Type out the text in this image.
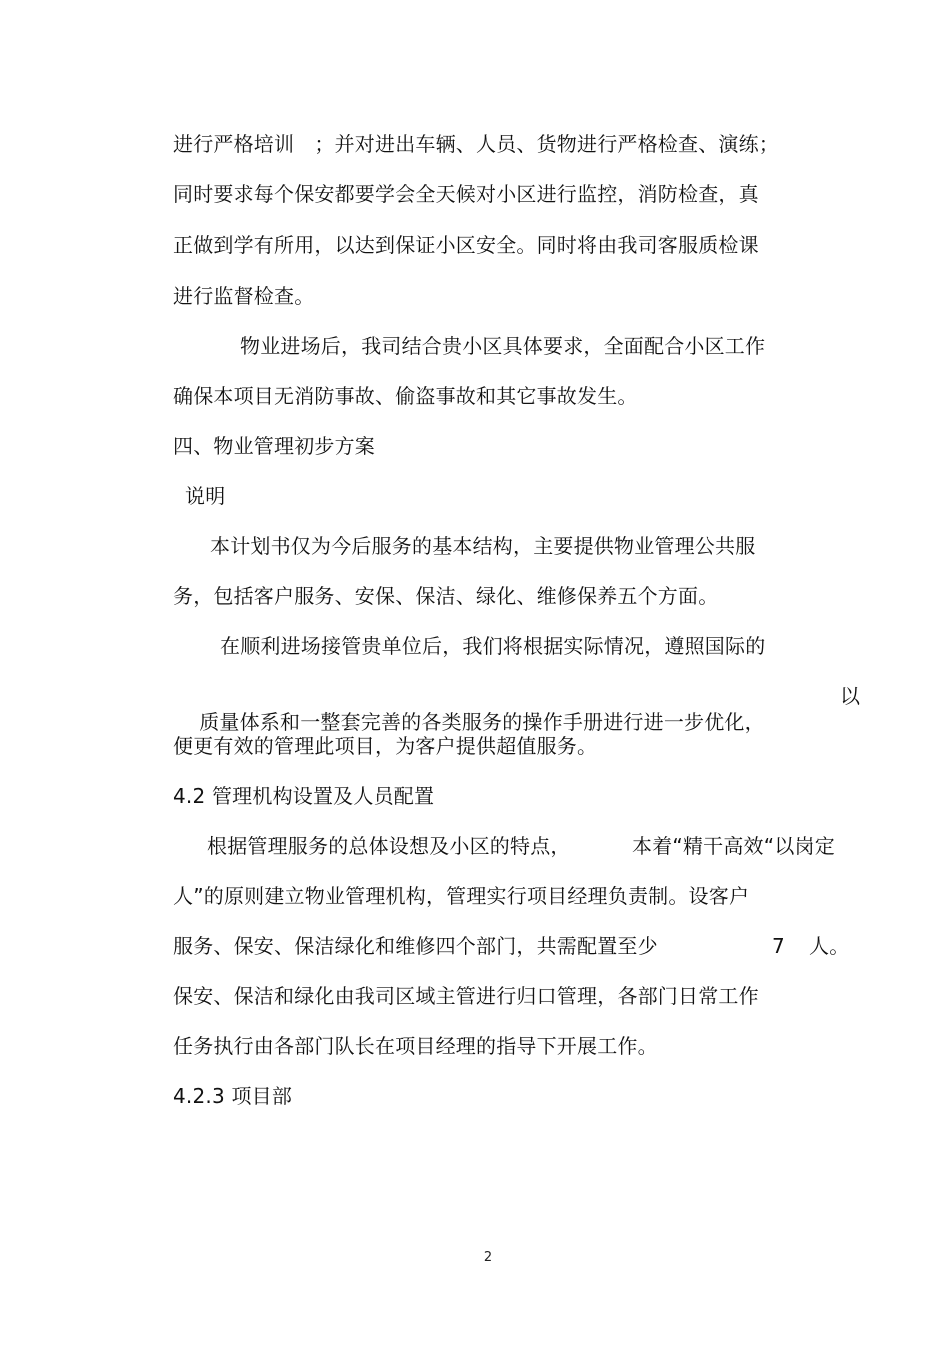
进行严格培训　；并对进出车辆、人员、货物进行严格检查、演练；
同时要求每个保安都要学会全天候对小区进行监控，消防检查，真
正做到学有所用，以达到保证小区安全。同时将由我司客服质检课
进行监督检查。
物业进场后，我司结合贵小区具体要求，全面配合小区工作
确保本项目无消防事故、偷盗事故和其它事故发生。
四、物业管理初步方案
说明
本计划书仅为今后服务的基本结构，主要提供物业管理公共服
务，包括客户服务、安保、保洁、绿化、维修保养五个方面。
在顺利进场接管贵单位后，我们将根据实际情况，遵照国际的

质量体系和一整套完善的各类服务的操作手册进行进一步优化，

以
便更有效的管理此项目，为客户提供超值服务。
4.2 管理机构设置及人员配置
根据管理服务的总体设想及小区的特点，	本着“精干高效“以岗定
人”的原则建立物业管理机构，管理实行项目经理负责制。设客户
服务、保安、保洁绿化和维修四个部门，共需配置至少	7 人。
保安、保洁和绿化由我司区域主管进行归口管理，各部门日常工作
任务执行由各部门队长在项目经理的指导下开展工作。
4.2.3 项目部
2
